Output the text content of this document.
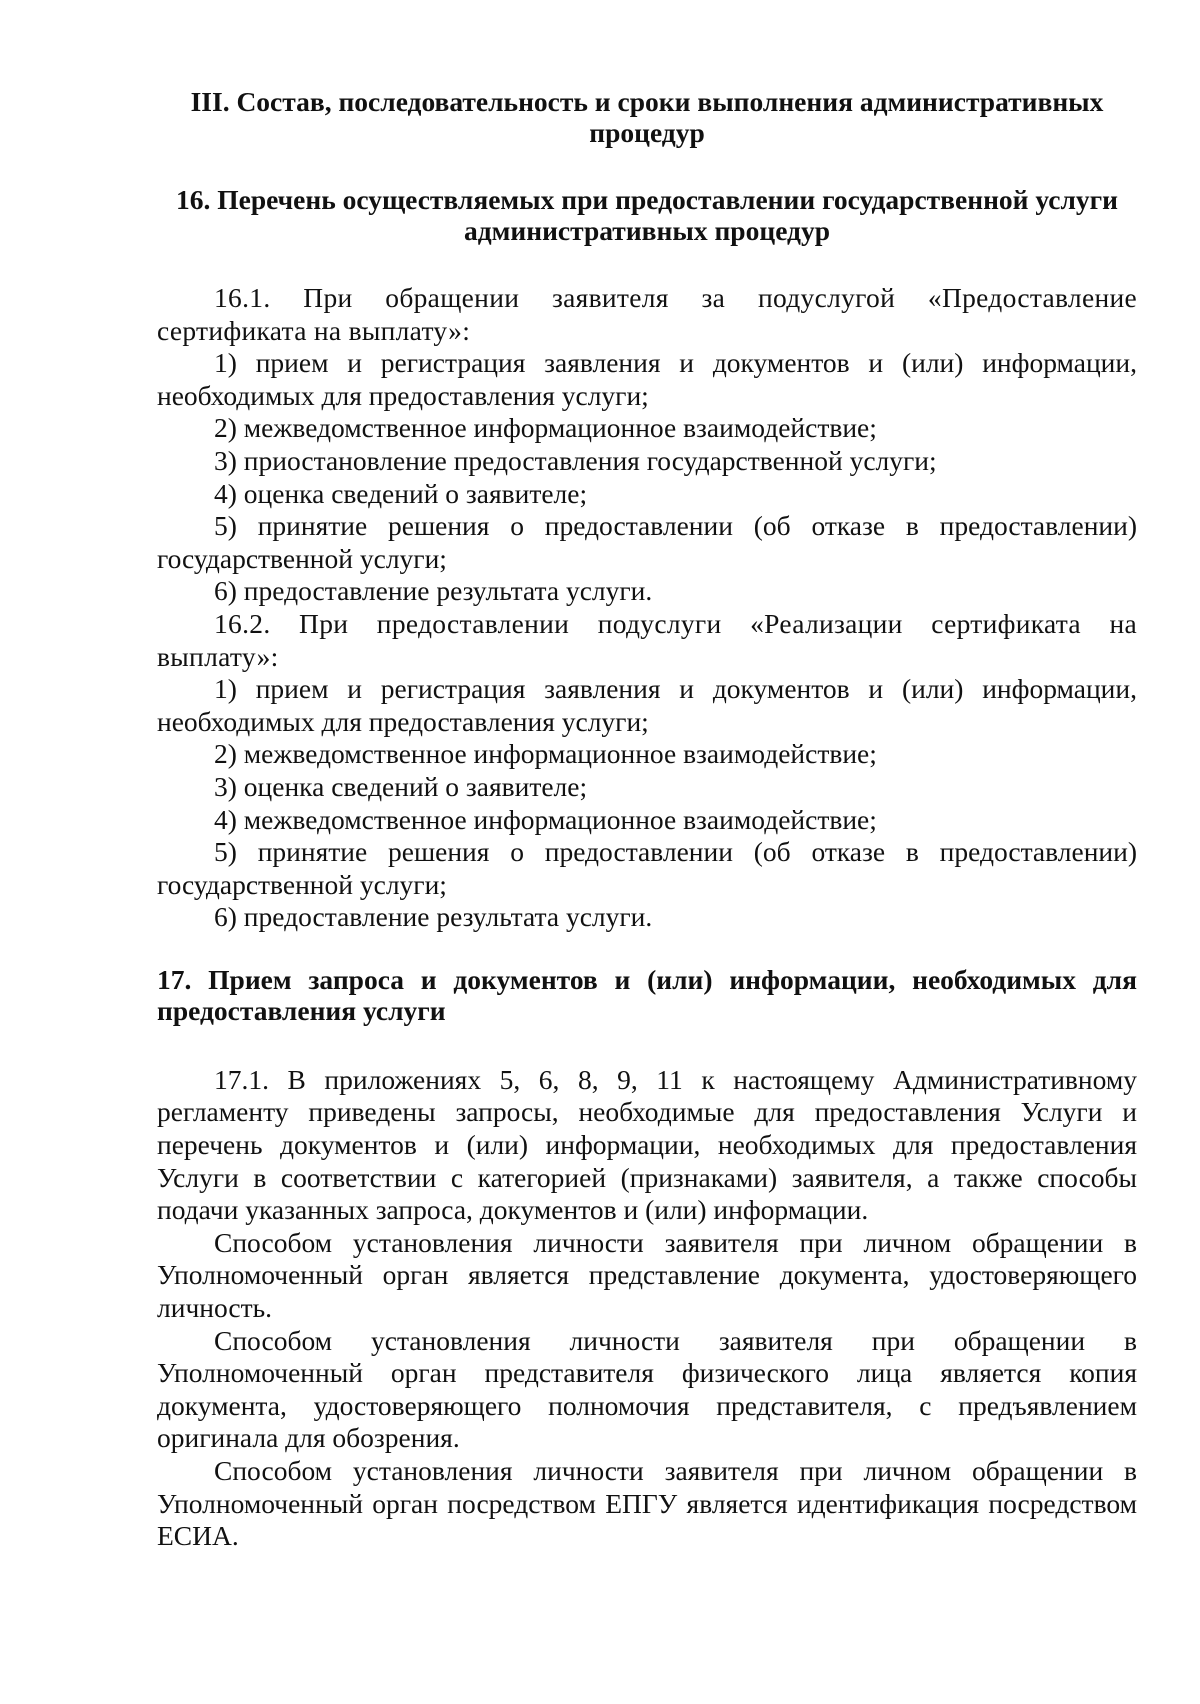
III. Состав, последовательность и сроки выполнения административных процедур
16. Перечень осуществляемых при предоставлении государственной услуги административных процедур

16.1. При обращении заявителя за подуслугой «Предоставление сертификата на выплату»:

1) прием и регистрация заявления и документов и (или) информации, необходимых для предоставления услуги;

2) межведомственное информационное взаимодействие;

3) приостановление предоставления государственной услуги;

4) оценка сведений о заявителе;

5) принятие решения о предоставлении (об отказе в предоставлении) государственной услуги;

6) предоставление результата услуги.

16.2. При предоставлении подуслуги «Реализации сертификата на выплату»:

1) прием и регистрация заявления и документов и (или) информации, необходимых для предоставления услуги;

2) межведомственное информационное взаимодействие;

3) оценка сведений о заявителе;

4) межведомственное информационное взаимодействие;

5) принятие решения о предоставлении (об отказе в предоставлении) государственной услуги;

6) предоставление результата услуги.

17. Прием запроса и документов и (или) информации, необходимых для предоставления услуги

17.1. В приложениях 5, 6, 8, 9, 11 к настоящему Административному регламенту приведены запросы, необходимые для предоставления Услуги и перечень документов и (или) информации, необходимых для предоставления Услуги в соответствии с категорией (признаками) заявителя, а также способы подачи указанных запроса, документов и (или) информации.

Способом установления личности заявителя при личном обращении в Уполномоченный орган является представление документа, удостоверяющего личность.

Способом установления личности заявителя при обращении в Уполномоченный орган представителя физического лица является копия документа, удостоверяющего полномочия представителя, с предъявлением оригинала для обозрения.

Способом установления личности заявителя при личном обращении в Уполномоченный орган посредством ЕПГУ является идентификация посредством ЕСИА.
